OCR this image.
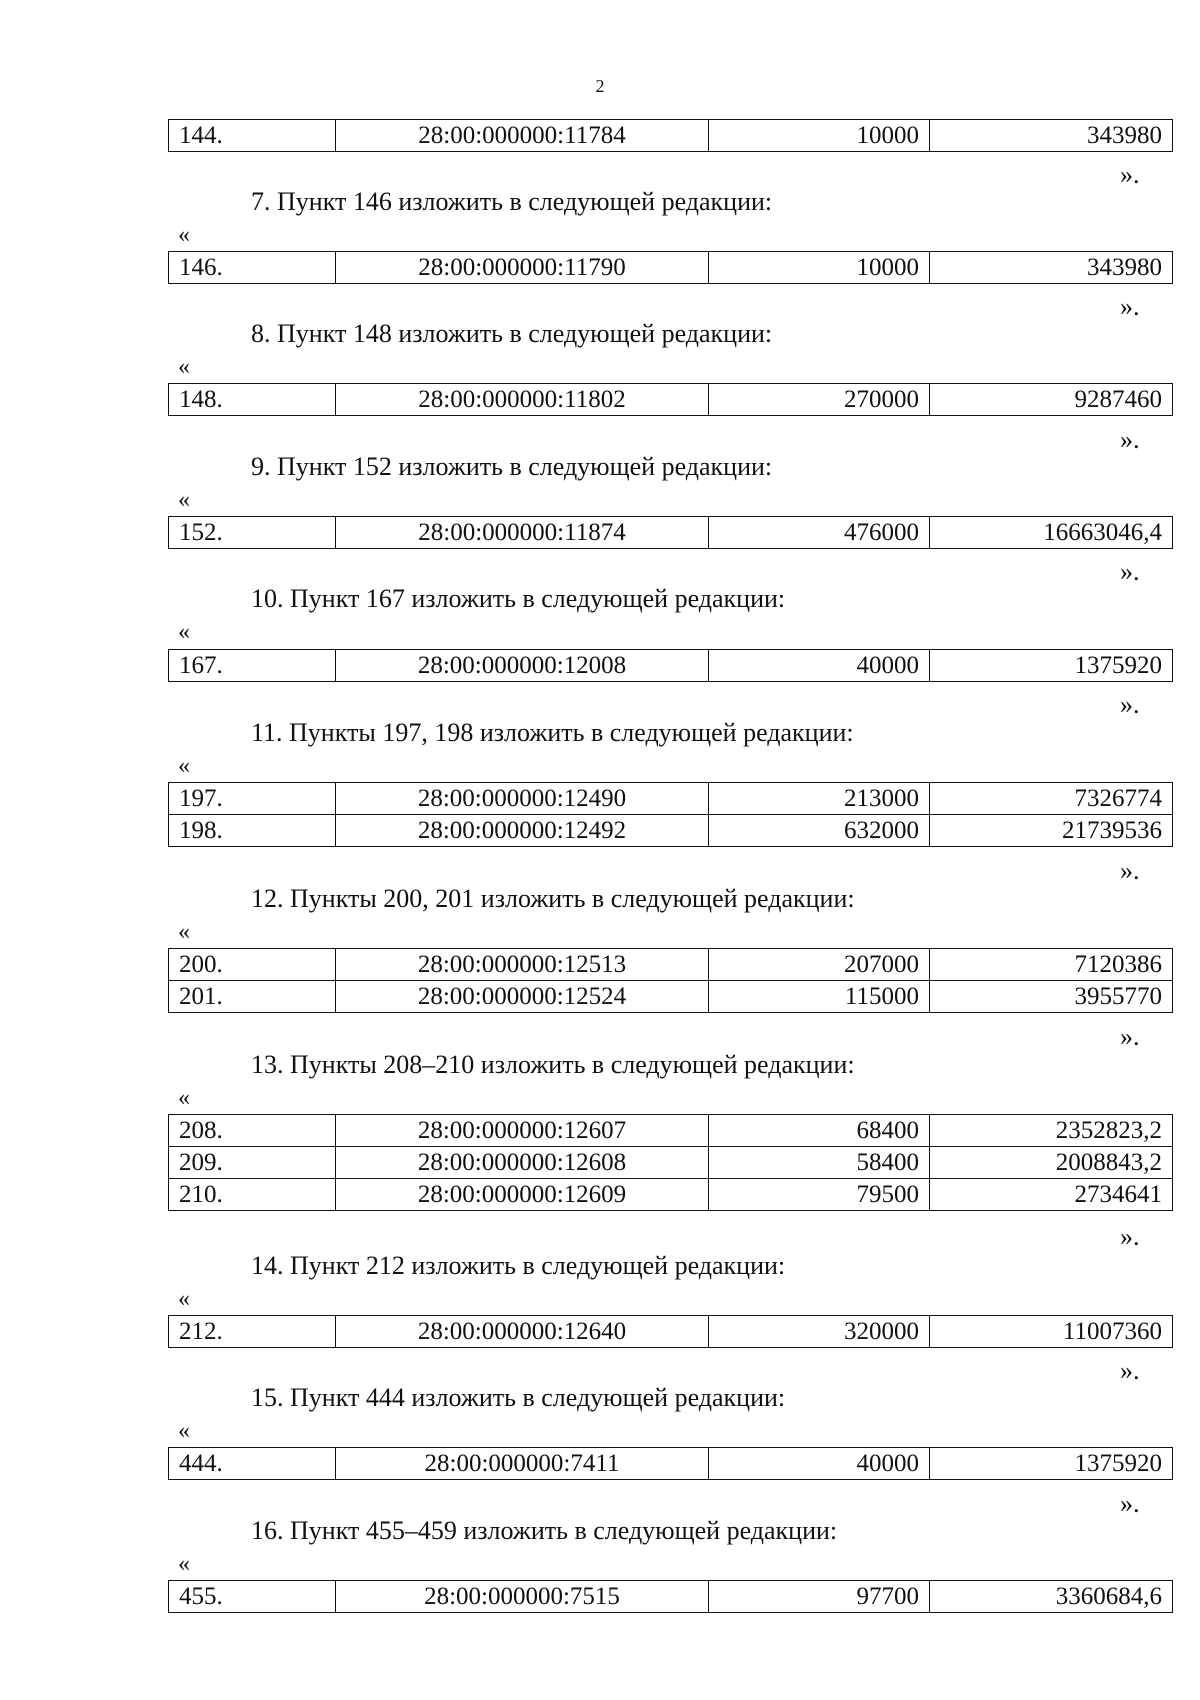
2
144.	28:00:000000:11784	10000	343980
».
7. Пункт 146 изложить в следующей редакции:
«
146.	28:00:000000:11790	10000	343980
».
8. Пункт 148 изложить в следующей редакции:
«
148.	28:00:000000:11802	270000	9287460
».
9. Пункт 152 изложить в следующей редакции:
«
152.	28:00:000000:11874	476000	16663046,4
».
10. Пункт 167 изложить в следующей редакции:
«
167.	28:00:000000:12008	40000	1375920
».
11. Пункты 197, 198 изложить в следующей редакции:
«
197.	28:00:000000:12490	213000	7326774
198.	28:00:000000:12492	632000	21739536
».
12. Пункты 200, 201 изложить в следующей редакции:
«
200.	28:00:000000:12513	207000	7120386
201.	28:00:000000:12524	115000	3955770
».
13. Пункты 208–210 изложить в следующей редакции:
«
208.	28:00:000000:12607	68400	2352823,2
209.	28:00:000000:12608	58400	2008843,2
210.	28:00:000000:12609	79500	2734641
».
14. Пункт 212 изложить в следующей редакции:
«
212.	28:00:000000:12640	320000	11007360
».
15. Пункт 444 изложить в следующей редакции:
«
444.	28:00:000000:7411	40000	1375920
».
16. Пункт 455–459 изложить в следующей редакции:
«
455.	28:00:000000:7515	97700	3360684,6
